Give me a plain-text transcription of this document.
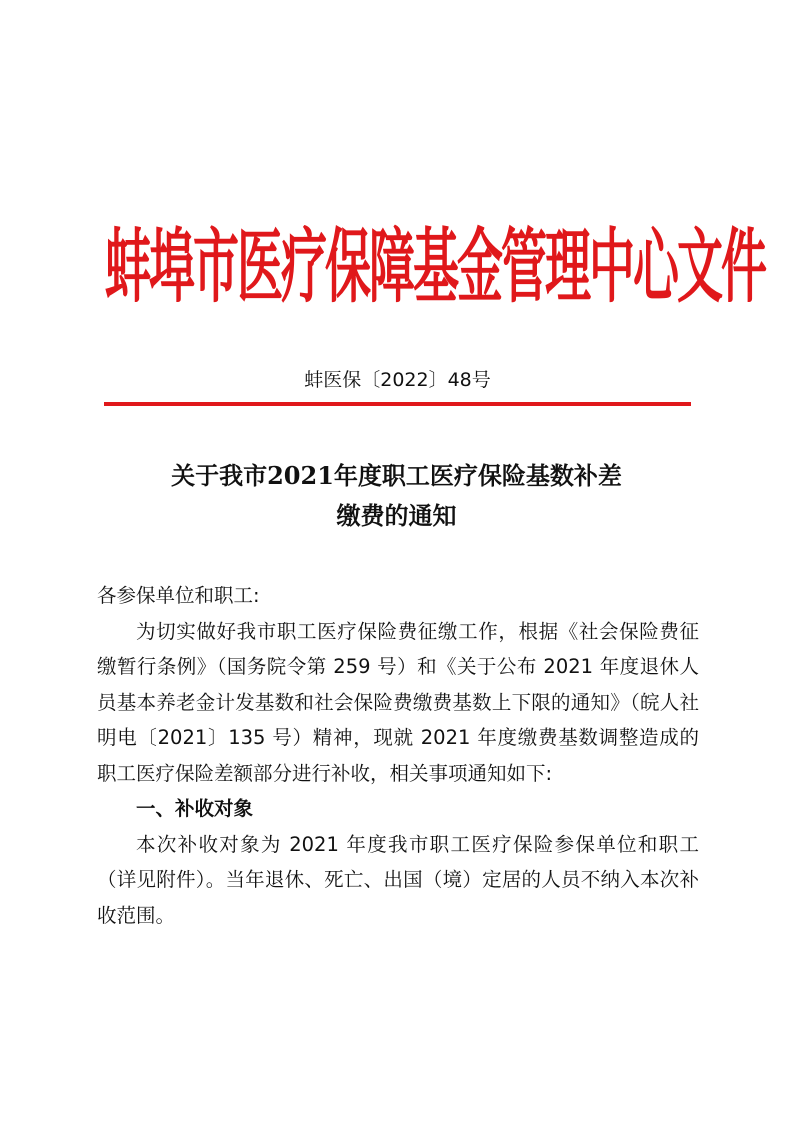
蚌埠市医疗保障基金管理中心文件
蚌医保〔2022〕48号
关于我市2021年度职工医疗保险基数补差
缴费的通知

各参保单位和职工:

为切实做好我市职工医疗保险费征缴工作，根据《社会保险费征缴暂行条例》（国务院令第 259 号）和《关于公布 2021 年度退休人员基本养老金计发基数和社会保险费缴费基数上下限的通知》（皖人社明电〔2021〕135 号）精神，现就 2021 年度缴费基数调整造成的职工医疗保险差额部分进行补收，相关事项通知如下:

一、补收对象

本次补收对象为 2021 年度我市职工医疗保险参保单位和职工（详见附件）。当年退休、死亡、出国（境）定居的人员不纳入本次补收范围。
